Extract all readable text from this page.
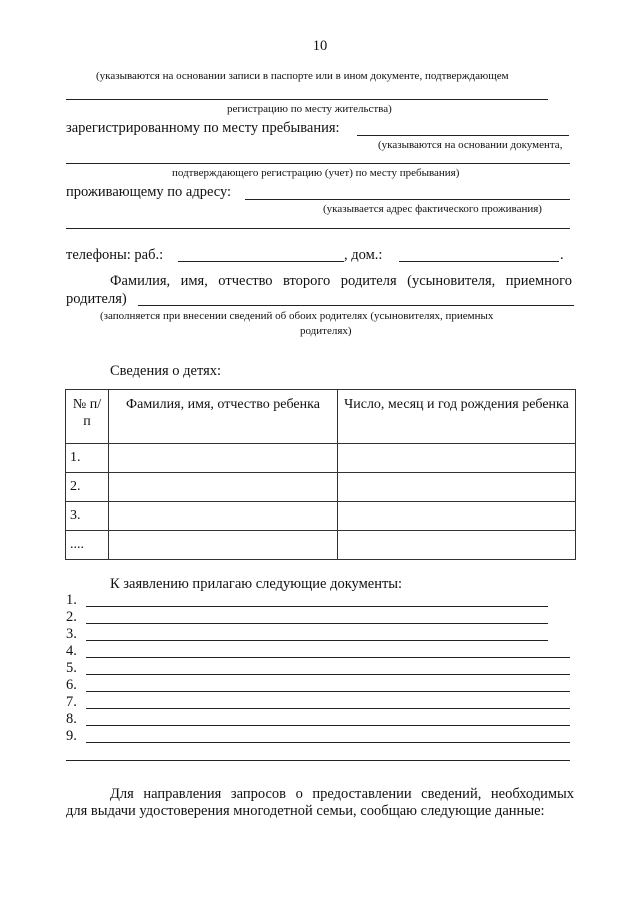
10
(указываются на основании записи в паспорте или в ином документе, подтверждающем
регистрацию по месту жительства)
зарегистрированному по месту пребывания:
(указываются на основании документа,
подтверждающего регистрацию (учет) по месту пребывания)
проживающему по адресу:
(указывается адрес фактического проживания)
телефоны: раб.:	, дом.:	.
Фамилия, имя, отчество второго родителя (усыновителя, приемного
родителя)
(заполняется при внесении сведений об обоих родителях (усыновителях, приемных
родителях)
Сведения о детях:
№ п/п	Фамилия, имя, отчество ребенка	Число, месяц и год рождения ребенка
1.		
2.		
3.		
....		
К заявлению прилагаю следующие документы:
1.
2.
3.
4.
5.
6.
7.
8.
9.
Для направления запросов о предоставлении сведений, необходимых
для выдачи удостоверения многодетной семьи, сообщаю следующие данные:
